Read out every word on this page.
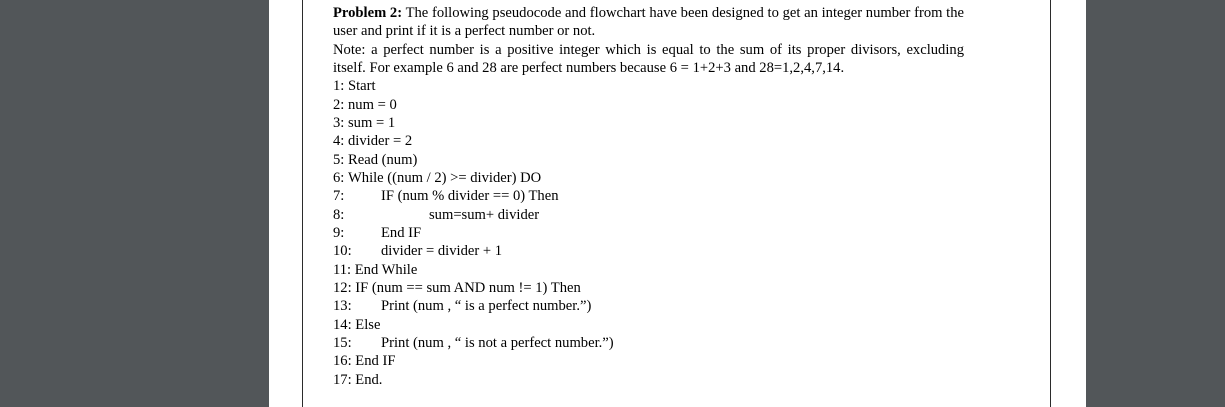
Problem 2: The following pseudocode and flowchart have been designed to get an integer number from the user and print if it is a perfect number or not.

Note: a perfect number is a positive integer which is equal to the sum of its proper divisors, excluding itself. For example 6 and 28 are perfect numbers because 6 = 1+2+3 and 28=1,2,4,7,14.

1: Start
2: num = 0
3: sum = 1
4: divider = 2
5: Read (num)
6: While ((num / 2) >= divider) DO
7:	IF (num % divider == 0) Then
8:	sum=sum+ divider
9:	End IF
10: divider = divider + 1
11: End While
12: IF (num == sum AND num != 1) Then
13: Print (num , “ is a perfect number.”)
14: Else
15: Print (num , “ is not a perfect number.”)
16: End IF
17: End.
